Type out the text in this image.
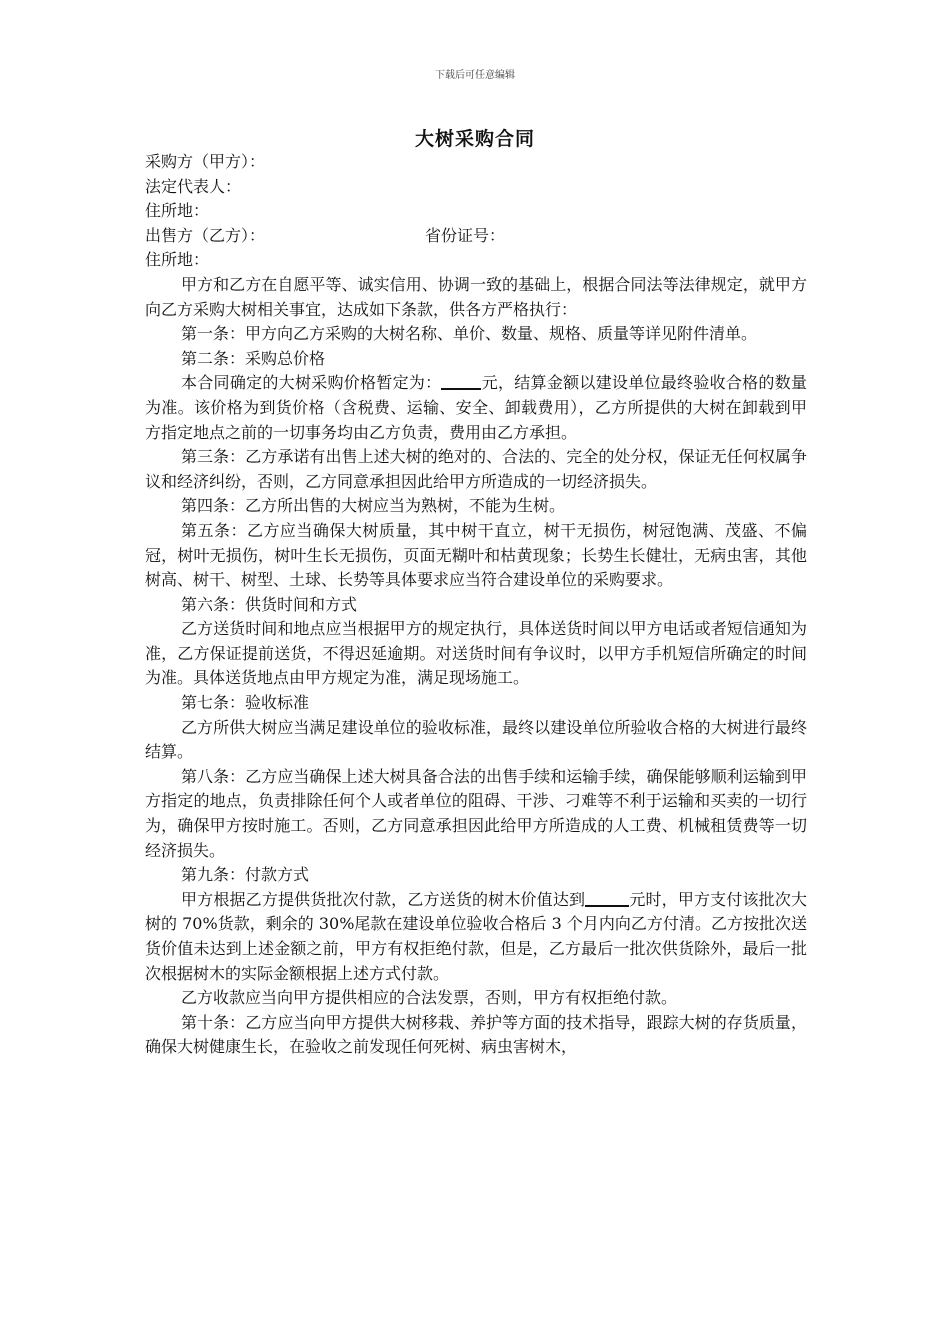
下载后可任意编辑
大树采购合同

采购方（甲方）：

法定代表人：

住所地：

出售方（乙方）：	省份证号：

住所地：

甲方和乙方在自愿平等、诚实信用、协调一致的基础上，根据合同法等法律规定，就甲方向乙方采购大树相关事宜，达成如下条款，供各方严格执行：

第一条：甲方向乙方采购的大树名称、单价、数量、规格、质量等详见附件清单。

第二条：采购总价格

本合同确定的大树采购价格暂定为：	元，结算金额以建设单位最终验收合格的数量为准。该价格为到货价格（含税费、运输、安全、卸载费用），乙方所提供的大树在卸载到甲方指定地点之前的一切事务均由乙方负责，费用由乙方承担。

第三条：乙方承诺有出售上述大树的绝对的、合法的、完全的处分权，保证无任何权属争议和经济纠纷，否则，乙方同意承担因此给甲方所造成的一切经济损失。

第四条：乙方所出售的大树应当为熟树，不能为生树。

第五条：乙方应当确保大树质量，其中树干直立，树干无损伤，树冠饱满、茂盛、不偏冠，树叶无损伤，树叶生长无损伤，页面无糊叶和枯黄现象；长势生长健壮，无病虫害，其他树高、树干、树型、土球、长势等具体要求应当符合建设单位的采购要求。

第六条：供货时间和方式

乙方送货时间和地点应当根据甲方的规定执行，具体送货时间以甲方电话或者短信通知为准，乙方保证提前送货，不得迟延逾期。对送货时间有争议时，以甲方手机短信所确定的时间为准。具体送货地点由甲方规定为准，满足现场施工。

第七条：验收标准

乙方所供大树应当满足建设单位的验收标准，最终以建设单位所验收合格的大树进行最终结算。

第八条：乙方应当确保上述大树具备合法的出售手续和运输手续，确保能够顺利运输到甲方指定的地点，负责排除任何个人或者单位的阻碍、干涉、刁难等不利于运输和买卖的一切行为，确保甲方按时施工。否则，乙方同意承担因此给甲方所造成的人工费、机械租赁费等一切经济损失。

第九条：付款方式

甲方根据乙方提供货批次付款，乙方送货的树木价值达到	元时，甲方支付该批次大树的 70%货款，剩余的 30%尾款在建设单位验收合格后 3 个月内向乙方付清。乙方按批次送货价值未达到上述金额之前，甲方有权拒绝付款，但是，乙方最后一批次供货除外，最后一批次根据树木的实际金额根据上述方式付款。

乙方收款应当向甲方提供相应的合法发票，否则，甲方有权拒绝付款。

第十条：乙方应当向甲方提供大树移栽、养护等方面的技术指导，跟踪大树的存货质量，确保大树健康生长，在验收之前发现任何死树、病虫害树木，
